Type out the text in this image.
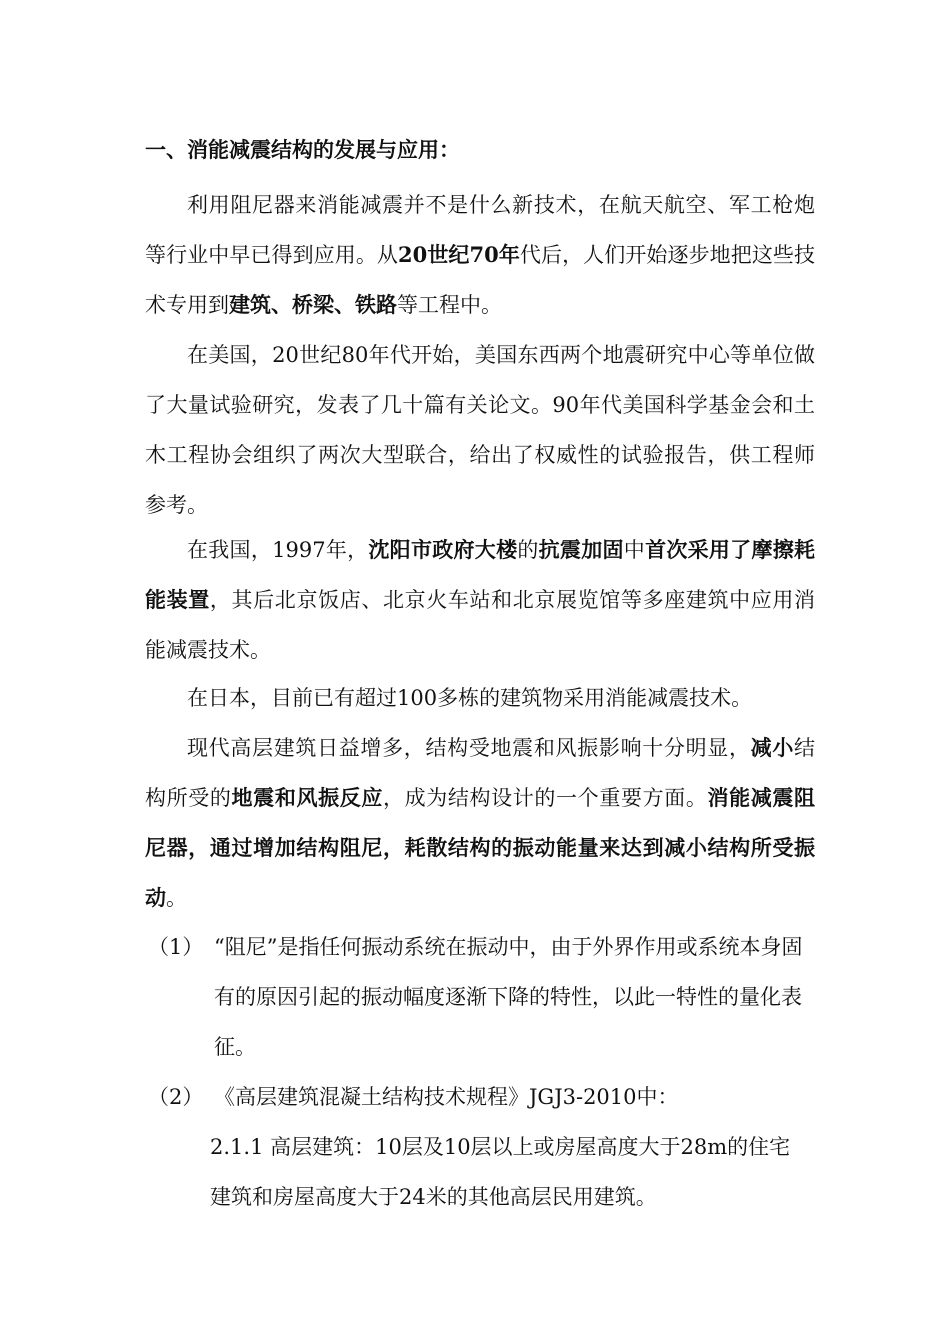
一、消能减震结构的发展与应用：
利用阻尼器来消能减震并不是什么新技术，在航天航空、军工枪炮等行业中早已得到应用。从20世纪70年代后，人们开始逐步地把这些技术专用到建筑、桥梁、铁路等工程中。
在美国，20世纪80年代开始，美国东西两个地震研究中心等单位做了大量试验研究，发表了几十篇有关论文。90年代美国科学基金会和土木工程协会组织了两次大型联合，给出了权威性的试验报告，供工程师参考。
在我国，1997年，沈阳市政府大楼的抗震加固中首次采用了摩擦耗能装置，其后北京饭店、北京火车站和北京展览馆等多座建筑中应用消能减震技术。
在日本，目前已有超过100多栋的建筑物采用消能减震技术。
现代高层建筑日益增多，结构受地震和风振影响十分明显，减小结构所受的地震和风振反应，成为结构设计的一个重要方面。消能减震阻尼器，通过增加结构阻尼，耗散结构的振动能量来达到减小结构所受振动。
（1） “阻尼”是指任何振动系统在振动中，由于外界作用或系统本身固有的原因引起的振动幅度逐渐下降的特性，以此一特性的量化表征。
（2） 《高层建筑混凝土结构技术规程》JGJ3-2010中：
2.1.1 高层建筑：10层及10层以上或房屋高度大于28m的住宅建筑和房屋高度大于24米的其他高层民用建筑。
